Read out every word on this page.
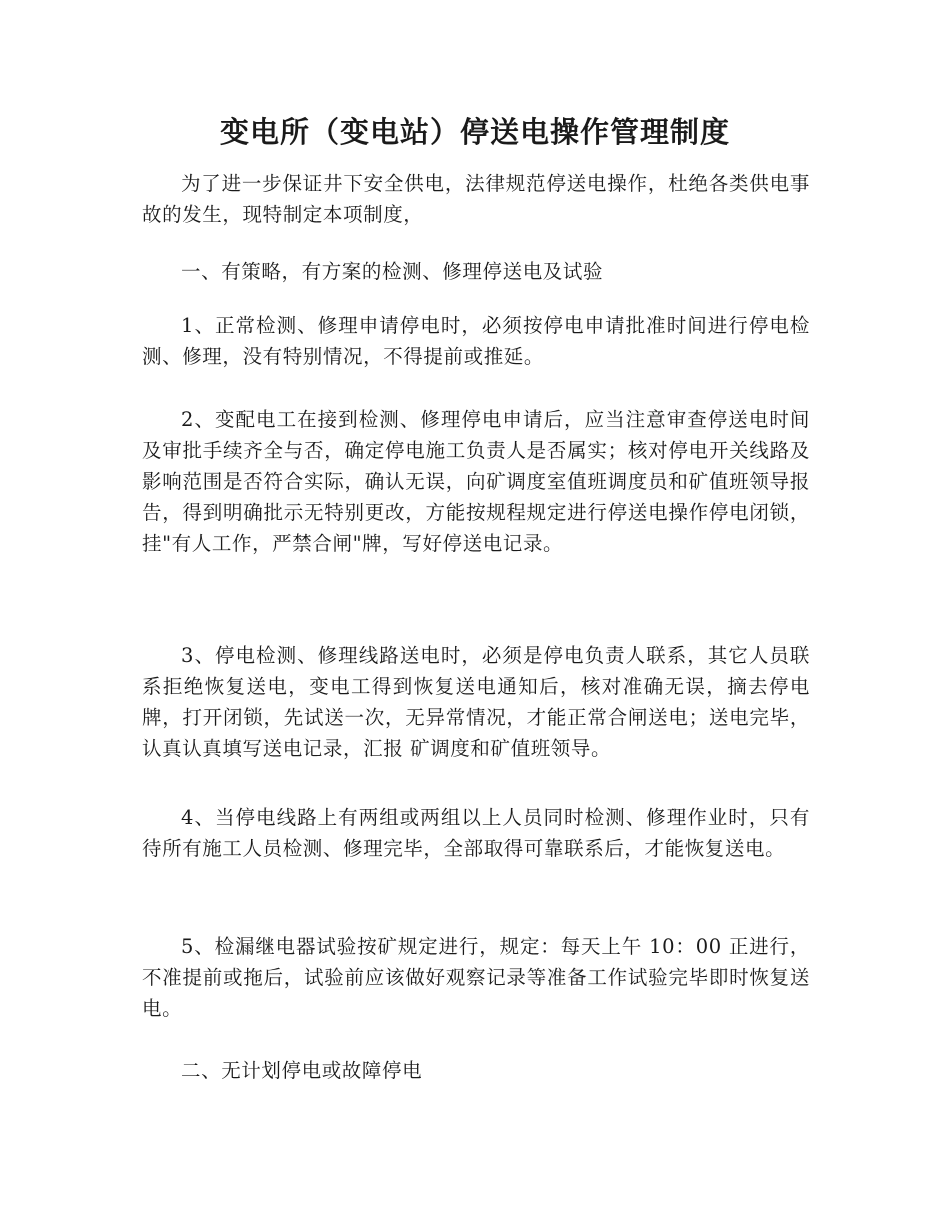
变电所（变电站）停送电操作管理制度

为了进一步保证井下安全供电，法律规范停送电操作，杜绝各类供电事故的发生，现特制定本项制度，

一、有策略，有方案的检测、修理停送电及试验

1、正常检测、修理申请停电时，必须按停电申请批准时间进行停电检测、修理，没有特别情况，不得提前或推延。

2、变配电工在接到检测、修理停电申请后，应当注意审查停送电时间及审批手续齐全与否，确定停电施工负责人是否属实；核对停电开关线路及影响范围是否符合实际，确认无误，向矿调度室值班调度员和矿值班领导报告，得到明确批示无特别更改，方能按规程规定进行停送电操作停电闭锁，挂"有人工作，严禁合闸"牌，写好停送电记录。

3、停电检测、修理线路送电时，必须是停电负责人联系，其它人员联系拒绝恢复送电，变电工得到恢复送电通知后，核对准确无误，摘去停电牌，打开闭锁，先试送一次，无异常情况，才能正常合闸送电；送电完毕，认真认真填写送电记录，汇报 矿调度和矿值班领导。

4、当停电线路上有两组或两组以上人员同时检测、修理作业时，只有待所有施工人员检测、修理完毕，全部取得可靠联系后，才能恢复送电。

5、检漏继电器试验按矿规定进行，规定：每天上午 10：00 正进行，不准提前或拖后，试验前应该做好观察记录等准备工作试验完毕即时恢复送电。

二、无计划停电或故障停电
